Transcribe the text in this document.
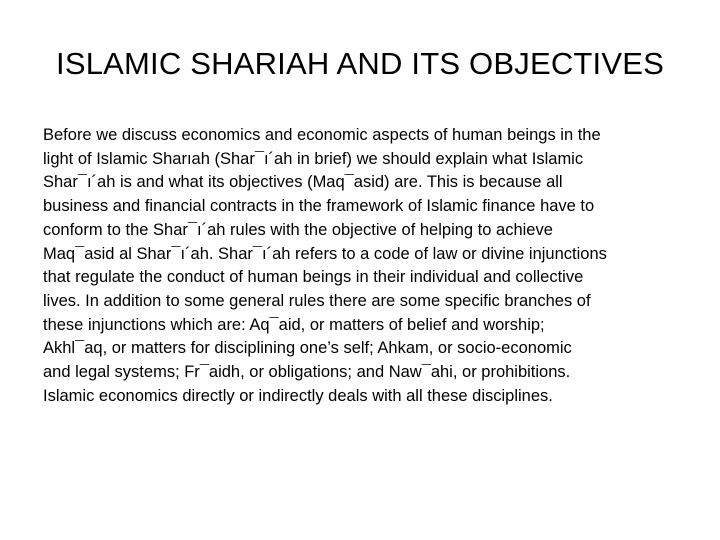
ISLAMIC SHARIAH AND ITS OBJECTIVES

Before we discuss economics and economic aspects of human beings in the
light of Islamic Sharıah (Shar¯ı´ah in brief) we should explain what Islamic
Shar¯ı´ah is and what its objectives (Maq¯asid) are. This is because all
business and financial contracts in the framework of Islamic finance have to
conform to the Shar¯ı´ah rules with the objective of helping to achieve
Maq¯asid al Shar¯ı´ah. Shar¯ı´ah refers to a code of law or divine injunctions
that regulate the conduct of human beings in their individual and collective
lives. In addition to some general rules there are some specific branches of
these injunctions which are: Aq¯aid, or matters of belief and worship;
Akhl¯aq, or matters for disciplining one’s self; Ahkam, or socio-economic
and legal systems; Fr¯aidh, or obligations; and Naw¯ahi, or prohibitions.
Islamic economics directly or indirectly deals with all these disciplines.
